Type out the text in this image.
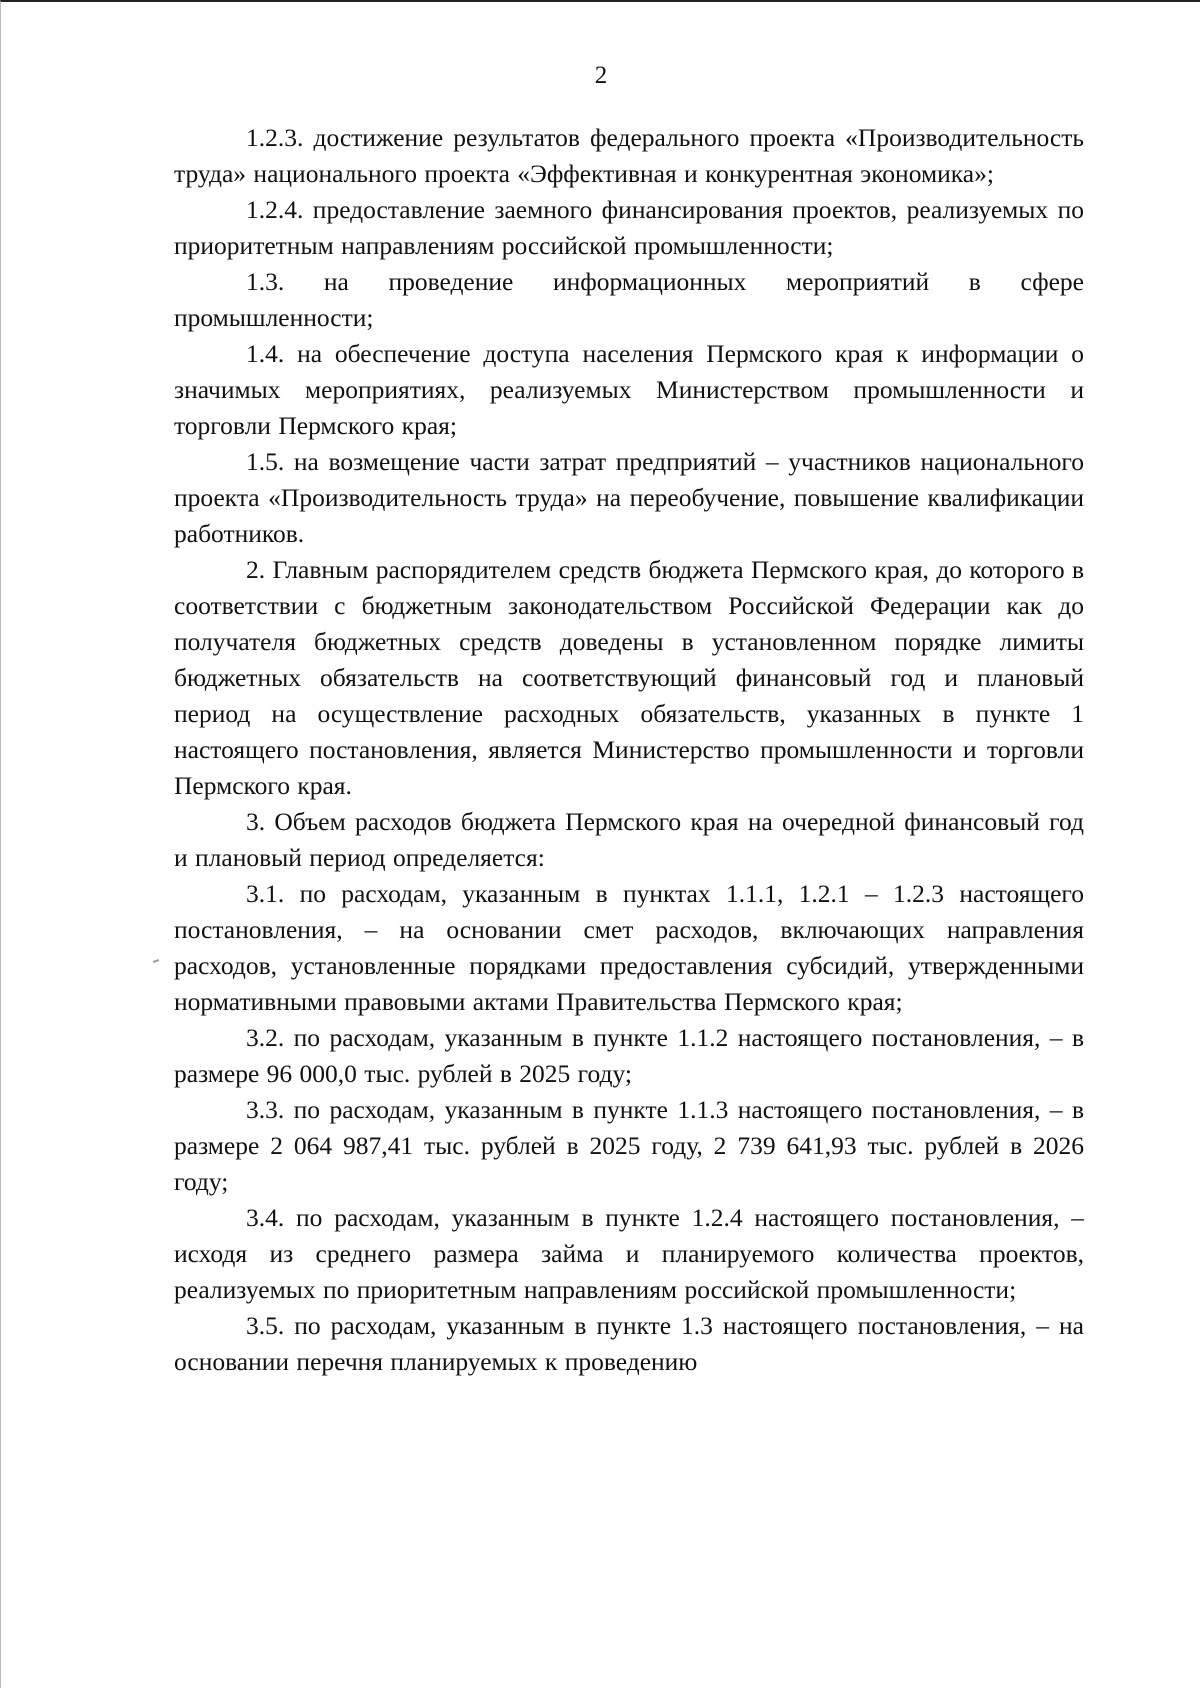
2

1.2.3. достижение результатов федерального проекта «Производительность труда» национального проекта «Эффективная и конкурентная экономика»;

1.2.4. предоставление заемного финансирования проектов, реализуемых по приоритетным направлениям российской промышленности;

1.3. на проведение информационных мероприятий в сфере промышленности;

1.4. на обеспечение доступа населения Пермского края к информации о значимых мероприятиях, реализуемых Министерством промышленности и торговли Пермского края;

1.5. на возмещение части затрат предприятий – участников национального проекта «Производительность труда» на переобучение, повышение квалификации работников.

2. Главным распорядителем средств бюджета Пермского края, до которого в соответствии с бюджетным законодательством Российской Федерации как до получателя бюджетных средств доведены в установленном порядке лимиты бюджетных обязательств на соответствующий финансовый год и плановый период на осуществление расходных обязательств, указанных в пункте 1 настоящего постановления, является Министерство промышленности и торговли Пермского края.

3. Объем расходов бюджета Пермского края на очередной финансовый год и плановый период определяется:

3.1. по расходам, указанным в пунктах 1.1.1, 1.2.1 – 1.2.3 настоящего постановления, – на основании смет расходов, включающих направления расходов, установленные порядками предоставления субсидий, утвержденными нормативными правовыми актами Правительства Пермского края;

3.2. по расходам, указанным в пункте 1.1.2 настоящего постановления, – в размере 96 000,0 тыс. рублей в 2025 году;

3.3. по расходам, указанным в пункте 1.1.3 настоящего постановления, – в размере 2 064 987,41 тыс. рублей в 2025 году, 2 739 641,93 тыс. рублей в 2026 году;

3.4. по расходам, указанным в пункте 1.2.4 настоящего постановления, – исходя из среднего размера займа и планируемого количества проектов, реализуемых по приоритетным направлениям российской промышленности;

3.5. по расходам, указанным в пункте 1.3 настоящего постановления, – на основании перечня планируемых к проведению
